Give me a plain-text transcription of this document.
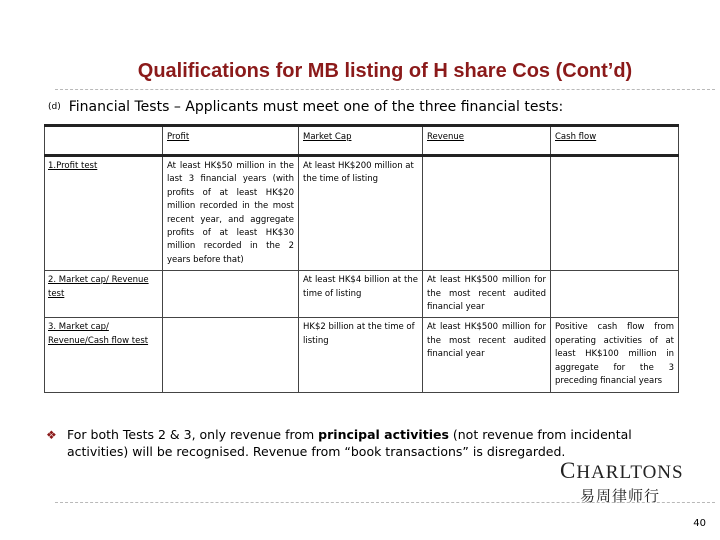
Qualifications for MB listing of H share Cos (Cont’d)
(d) Financial Tests – Applicants must meet one of the three financial tests:
	Profit	Market Cap	Revenue	Cash flow
1.Profit test	At least HK$50 million in the last 3 financial years (with profits of at least HK$20 million recorded in the most recent year, and aggregate profits of at least HK$30 million recorded in the 2 years before that)	At least HK$200 million at the time of listing		
2. Market cap/ Revenue test		At least HK$4 billion at the time of listing	At least HK$500 million for the most recent audited financial year	
3. Market cap/ Revenue/Cash flow test		HK$2 billion at the time of listing	At least HK$500 million for the most recent audited financial year	Positive cash flow from operating activities of at least HK$100 million in aggregate for the 3 preceding financial years
❖ For both Tests 2 & 3, only revenue from principal activities (not revenue from incidental activities) will be recognised. Revenue from “book transactions” is disregarded.
CHARLTONS
易周律师行
40
